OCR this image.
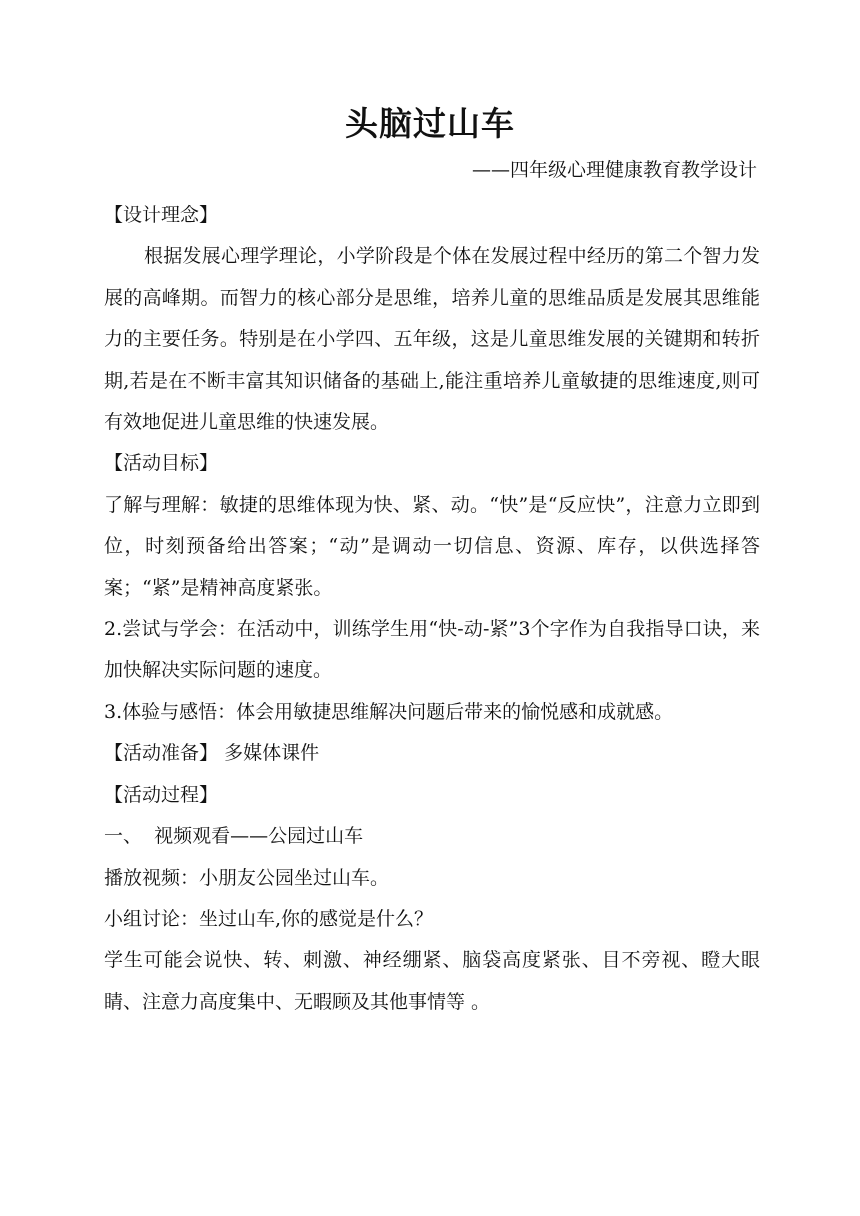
头脑过山车
——四年级心理健康教育教学设计

【设计理念】

根据发展心理学理论，小学阶段是个体在发展过程中经历的第二个智力发展的高峰期。而智力的核心部分是思维，培养儿童的思维品质是发展其思维能力的主要任务。特别是在小学四、五年级，这是儿童思维发展的关键期和转折期,若是在不断丰富其知识储备的基础上,能注重培养儿童敏捷的思维速度,则可有效地促进儿童思维的快速发展。

【活动目标】

了解与理解：敏捷的思维体现为快、紧、动。“快”是“反应快”，注意力立即到位，时刻预备给出答案；“动”是调动一切信息、资源、库存，以供选择答案；“紧”是精神高度紧张。

2.尝试与学会：在活动中，训练学生用“快-动-紧”3个字作为自我指导口诀，来加快解决实际问题的速度。

3.体验与感悟：体会用敏捷思维解决问题后带来的愉悦感和成就感。

【活动准备】 多媒体课件

【活动过程】

一、  视频观看——公园过山车

播放视频：小朋友公园坐过山车。

小组讨论：坐过山车,你的感觉是什么？

学生可能会说快、转、刺激、神经绷紧、脑袋高度紧张、目不旁视、瞪大眼睛、注意力高度集中、无暇顾及其他事情等 。
